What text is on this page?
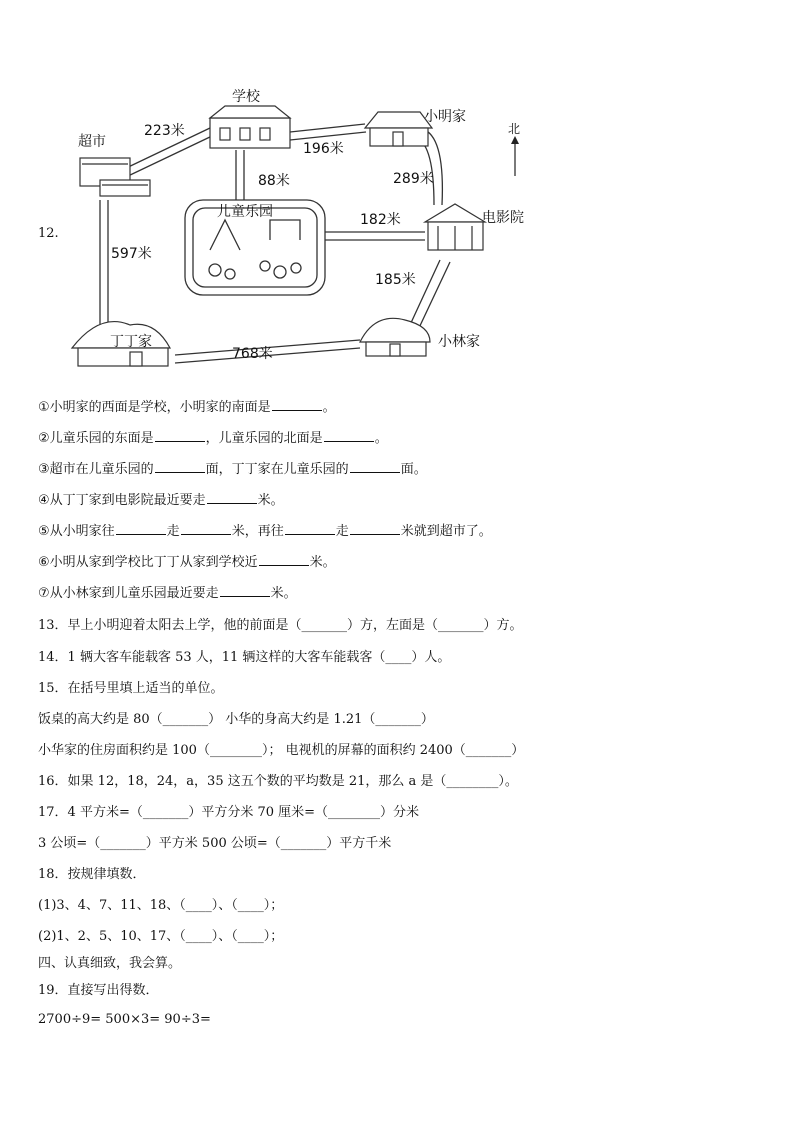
12.
学校
小明家
超市
儿童乐园	电影院
丁丁家	小林家
223米
196米
88米	289米
182米
597米
185米
768米
北
①小明家的西面是学校，小明家的南面是	。
②儿童乐园的东面是	，儿童乐园的北面是	。
③超市在儿童乐园的	面，丁丁家在儿童乐园的	面。
④从丁丁家到电影院最近要走	米。
⑤从小明家往	走	米，再往	走	米就到超市了。
⑥小明从家到学校比丁丁从家到学校近	米。
⑦从小林家到儿童乐园最近要走	米。
13．早上小明迎着太阳去上学，他的前面是（_______）方，左面是（_______）方。
14．1 辆大客车能载客 53 人，11 辆这样的大客车能载客（____）人。
15．在括号里填上适当的单位。
饭桌的高大约是 80（_______） 小华的身高大约是 1.21（_______）
小华家的住房面积约是 100（________）； 电视机的屏幕的面积约 2400（_______）
16．如果 12，18，24，a，35 这五个数的平均数是 21，那么 a 是（________）。
17．4 平方米=（_______）平方分米 70 厘米=（________）分米
3 公顷=（_______）平方米 500 公顷=（_______）平方千米
18．按规律填数．
(1)3、4、7、11、18、（____）、（____）；
(2)1、2、5、10、17、（____）、（____）；
四、认真细致，我会算。
19．直接写出得数．
2700÷9= 500×3= 90÷3=
